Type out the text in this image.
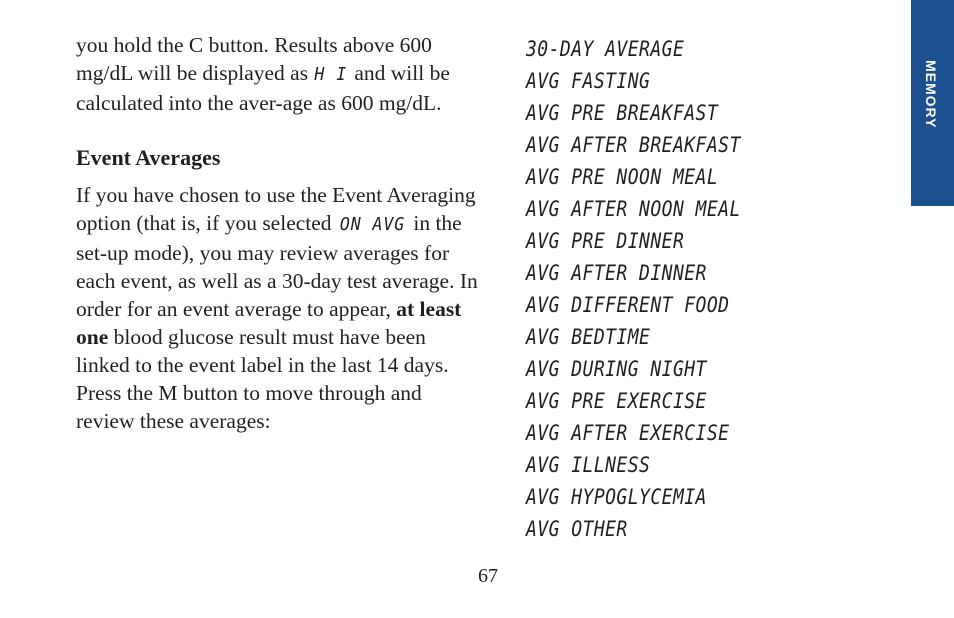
you hold the C button. Results above 600 mg/dL will be displayed as H I and will be calculated into the aver-age as 600 mg/dL.

Event Averages

If you have chosen to use the Event Averaging option (that is, if you selected ON AVG in the set-up mode), you may review averages for each event, as well as a 30-day test average. In order for an event average to appear, at least one blood glucose result must have been linked to the event label in the last 14 days. Press the M button to move through and review these averages:

30-DAY AVERAGE
AVG FASTING
AVG PRE BREAKFAST
AVG AFTER BREAKFAST
AVG PRE NOON MEAL
AVG AFTER NOON MEAL
AVG PRE DINNER
AVG AFTER DINNER
AVG DIFFERENT FOOD
AVG BEDTIME
AVG DURING NIGHT
AVG PRE EXERCISE
AVG AFTER EXERCISE
AVG ILLNESS
AVG HYPOGLYCEMIA
AVG OTHER
MEMORY
67
